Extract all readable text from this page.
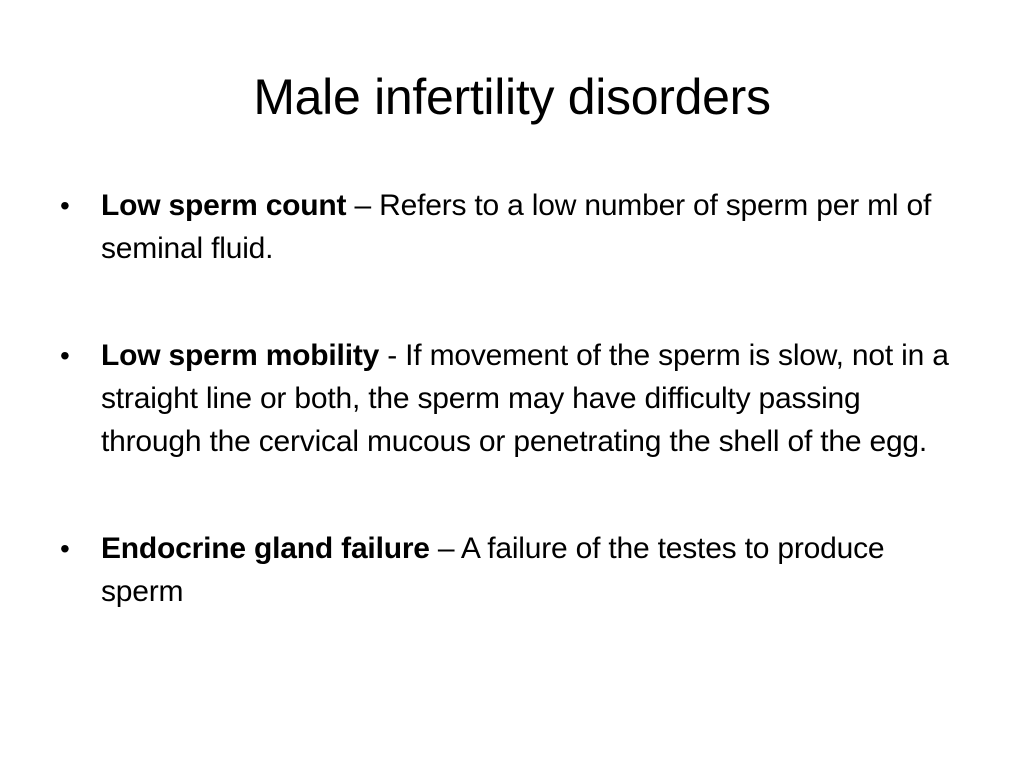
Male infertility disorders
•	Low sperm count – Refers to a low number of sperm per ml of seminal fluid.
•	Low sperm mobility - If movement of the sperm is slow, not in a straight line or both, the sperm may have difficulty passing through the cervical mucous or penetrating the shell of the egg.
•	Endocrine gland failure – A failure of the testes to produce sperm
